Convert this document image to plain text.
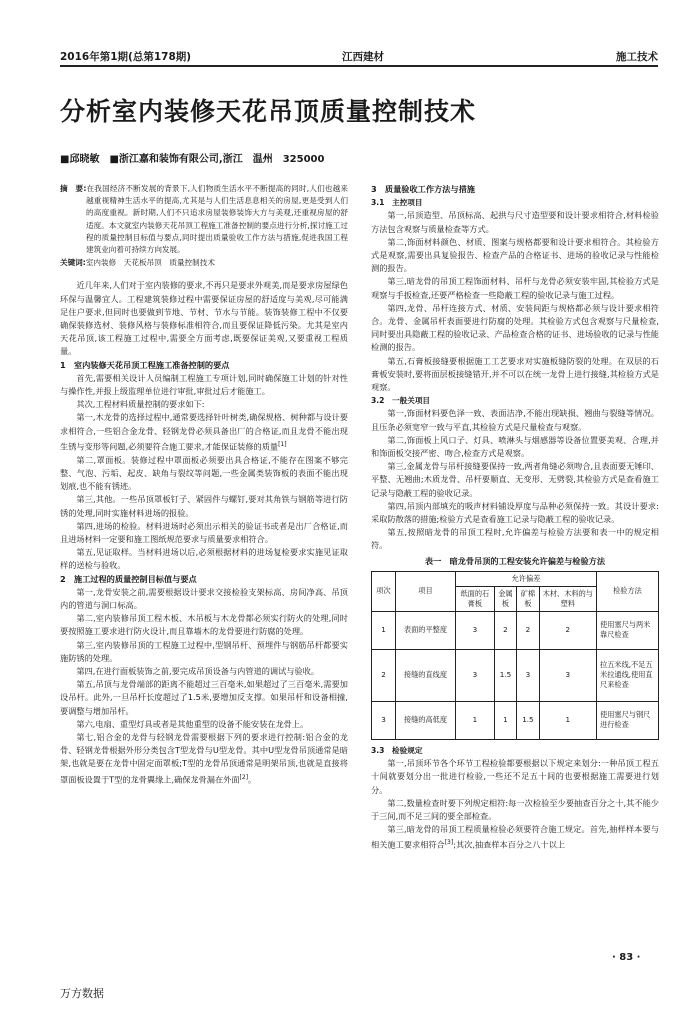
2016年第1期(总第178期)	江西建材	施工技术
分析室内装修天花吊顶质量控制技术
■邱晓敏　■浙江嘉和装饰有限公司,浙江　温州　325000
摘　要:在我国经济不断发展的背景下,人们物质生活水平不断提高的同时,人们也越来越重视精神生活水平的提高,尤其是与人们生活息息相关的房屋,更是受到人们的高度重视。新时期,人们不只追求房屋装修装饰大方与美观,还重视房屋的舒适度。本文就室内装修天花吊顶工程施工准备控制的要点进行分析,探讨施工过程的质量控制目标值与要点,同时提出质量验收工作方法与措施,促进我国工程建筑业向着可持续方向发展。
关键词:室内装修　天花板吊顶　质量控制技术

近几年来,人们对于室内装修的要求,不再只是要求外观美,而是要求房屋绿色环保与温馨宜人。工程建筑装修过程中需要保证房屋的舒适度与美观,尽可能满足住户要求,但同时也要做到节地、节材、节水与节能。装饰装修工程中不仅要确保装修选材、装修风格与装修标准相符合,而且要保证降低污染。尤其是室内天花吊顶,该工程施工过程中,需要全方面考虑,既要保证美观,又要重视工程质量。

1　室内装修天花吊顶工程施工准备控制的要点

首先,需要相关设计人员编制工程施工专项计划,同时确保施工计划的针对性与操作性,并报上级监理单位进行审批,审批过后才能施工。

其次,工程材料质量控制的要求如下:

第一,木龙骨的选择过程中,通常要选择针叶树类,确保规格、树种都与设计要求相符合,一些铝合金龙骨、轻钢龙骨必须具备出厂的合格证,而且龙骨不能出现生锈与变形等问题,必须要符合施工要求,才能保证装修的质量[1]

第二,罩面板。装修过程中罩面板必须要出具合格证,不能存在图案不够完整、气泡、污垢、起皮、缺角与裂纹等问题,一些金属类装饰板的表面不能出现划痕,也不能有锈迹。

第三,其他。一些吊顶罩板钉子、紧固件与螺钉,要对其角铁与钢筋等进行防锈的处理,同时实施材料进场的报验。

第四,进场的检验。材料进场时必须出示相关的验证书或者是出厂合格证,而且进场材料一定要和施工图纸规范要求与质量要求相符合。

第五,见证取样。当材料进场以后,必须根据材料的进场复检要求实施见证取样的送检与验收。

2　施工过程的质量控制目标值与要点

第一,龙骨安装之前,需要根据设计要求交接检验支架标高、房间净高、吊顶内的管道与洞口标高。

第二,室内装修吊顶工程木板、木吊板与木龙骨都必须实行防火的处理,同时要按照施工要求进行防火设计,而且靠墙木的龙骨要进行防腐的处理。

第三,室内装修吊顶的工程施工过程中,型钢吊杆、预埋件与钢筋吊杆都要实施防锈的处理。

第四,在进行面板装饰之前,要完成吊顶设备与内管道的调试与验收。

第五,吊顶与龙骨端部的距离不能超过三百毫米,如果超过了三百毫米,需要加设吊杆。此外,一旦吊杆长度超过了1.5米,要增加反支撑。如果吊杆和设备相撞,要调整与增加吊杆。

第六,电扇、重型灯具或者是其他重型的设备不能安装在龙骨上。

第七,铝合金的龙骨与轻钢龙骨需要根据下列的要求进行控制:铝合金的龙骨、轻钢龙骨根据外形分类包含T型龙骨与U型龙骨。其中U型龙骨吊顶通常是暗架,也就是要在龙骨中固定面罩板;T型的龙骨吊顶通常是明架吊顶,也就是直接将罩面板设置于T型的龙骨翼缘上,确保龙骨漏在外面[2]。

3　质量验收工作方法与措施

3.1　主控项目

第一,吊顶造型、吊顶标高、起拱与尺寸造型要和设计要求相符合,材料检验方法包含观察与质量检查等方式。

第二,饰面材料颜色、材质、图案与规格都要和设计要求相符合。其检验方式是观察,需要出具复验报告、检查产品的合格证书、进场的验收记录与性能检测的报告。

第三,暗龙骨的吊顶工程饰面材料、吊杆与龙骨必须安装牢固,其检验方式是观察与手扳检查,还要严格检查一些隐蔽工程的验收记录与施工过程。

第四,龙骨、吊杆连接方式、材质、安装间距与规格都必须与设计要求相符合。龙骨、金属吊杆表面要进行防腐的处理。其检验方式包含观察与尺量检查,同时要出具隐蔽工程的验收记录、产品检查合格的证书、进场验收的记录与性能检测的报告。

第五,石膏板接缝要根据施工工艺要求对实施板缝防裂的处理。在双层的石膏板安装时,要将面层板接缝错开,并不可以在统一龙骨上进行接缝,其检验方式是观察。

3.2　一般关项目

第一,饰面材料要色泽一致、表面洁净,不能出现缺损、翘曲与裂缝等情况。且压条必须宽窄一致与平直,其检验方式是尺量检查与观察。

第二,饰面板上风口子、灯具、喷淋头与烟感器等设备位置要美观、合理,并和饰面板交接严密、吻合,检查方式是观察。

第三,金属龙骨与吊杆接缝要保持一致,两者角缝必须吻合,且表面要无锤印、平整、无翘曲;木质龙骨、吊杆要顺直、无变形、无劈裂,其检验方式是查看施工记录与隐蔽工程的验收记录。

第四,吊顶内部填充的吸声材料铺设厚度与品种必须保持一致。其设计要求:采取防散落的措施;检验方式是查看施工记录与隐蔽工程的验收记录。

第五,按照暗龙骨的吊顶工程时,允许偏差与检验方法要和表一中的规定相符。

表一　暗龙骨吊顶的工程安装允许偏差与检验方法
项次	项目	允许偏差				检验方法
		纸面的石膏板	金属板	矿棉板	木材、木料的与塑料	
1	表面的平整度	3	2	2	2	使用塞尺与两米靠尺检查
2	接缝的直线度	3	1.5	3	3	拉五米线,不足五米拉通线,使用直尺来检查
3	接缝的高低度	1	1	1.5	1	使用塞尺与钢尺进行检查

3.3　检验规定

第一,吊顶环节各个环节工程检验都要根据以下规定来划分:一种吊顶工程五十间就要划分出一批进行检验,一些还不足五十间的也要根据施工需要进行划分。

第二,数量检查时要下列规定相符:每一次检验至少要抽查百分之十,其不能少于三间,而不足三间的要全部检查。

第三,暗龙骨的吊顶工程质量检验必须要符合施工规定。首先,抽样样本要与相关施工要求相符合[3];其次,抽查样本百分之八十以上

· 83 ·
万方数据
